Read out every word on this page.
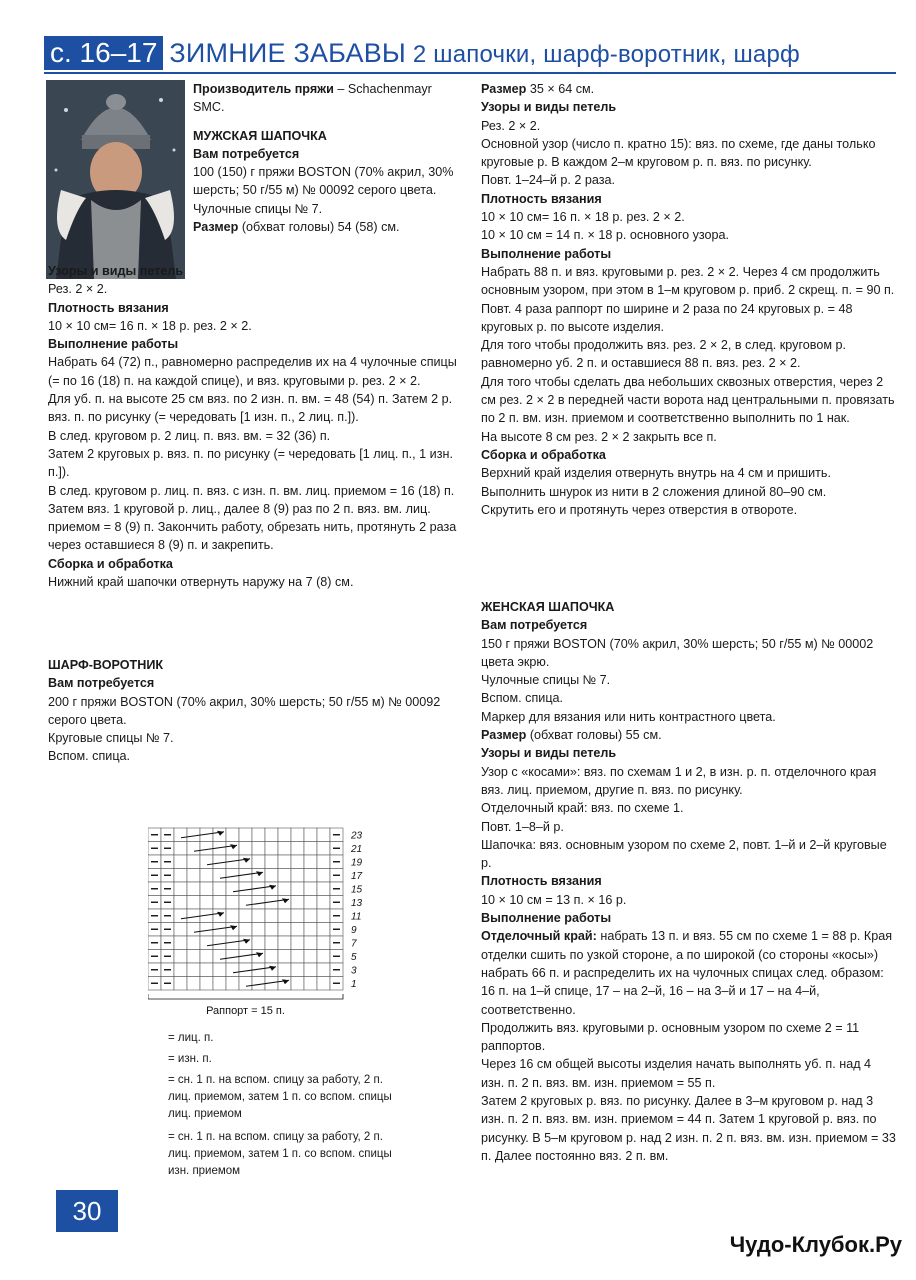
с. 16–17 ЗИМНИЕ ЗАБАВЫ 2 шапочки, шарф-воротник, шарф

Производитель пряжи – Schachenmayr SMC.

МУЖСКАЯ ШАПОЧКА

Вам потребуется

100 (150) г пряжи BOSTON (70% акрил, 30% шерсть; 50 г/55 м) № 00092 серого цвета.

Чулочные спицы № 7.

Размер (обхват головы) 54 (58) см.

Узоры и виды петель

Рез. 2 × 2.

Плотность вязания

10 × 10 см= 16 п. × 18 р. рез. 2 × 2.

Выполнение работы

Набрать 64 (72) п., равномерно распределив их на 4 чулочные спицы (= по 16 (18) п. на каждой спице), и вяз. круговыми р. рез. 2 × 2.

Для уб. п. на высоте 25 см вяз. по 2 изн. п. вм. = 48 (54) п. Затем 2 р. вяз. п. по рисунку (= чередовать [1 изн. п., 2 лиц. п.]).

В след. круговом р. 2 лиц. п. вяз. вм. = 32 (36) п.

Затем 2 круговых р. вяз. п. по рисунку (= чередовать [1 лиц. п., 1 изн. п.]).

В след. круговом р. лиц. п. вяз. с изн. п. вм. лиц. приемом = 16 (18) п. Затем вяз. 1 круговой р. лиц., далее 8 (9) раз по 2 п. вяз. вм. лиц. приемом = 8 (9) п. Закончить работу, обрезать нить, протянуть 2 раза через оставшиеся 8 (9) п. и закрепить.

Сборка и обработка

Нижний край шапочки отвернуть наружу на 7 (8) см.

ШАРФ-ВОРОТНИК

Вам потребуется

200 г пряжи BOSTON (70% акрил, 30% шерсть; 50 г/55 м) № 00092 серого цвета.

Круговые спицы № 7.

Вспом. спица.

23
21
19
17
15
13
11
9
7
5
3
1
Раппорт = 15 п.

= лиц. п.

= изн. п.

= сн. 1 п. на вспом. спицу за работу, 2 п. лиц. приемом, затем 1 п. со вспом. спицы лиц. приемом

= сн. 1 п. на вспом. спицу за работу, 2 п. лиц. приемом, затем 1 п. со вспом. спицы изн. приемом

Размер 35 × 64 см.

Узоры и виды петель

Рез. 2 × 2.

Основной узор (число п. кратно 15): вяз. по схеме, где даны только круговые р. В каждом 2–м круговом р. п. вяз. по рисунку.

Повт. 1–24–й р. 2 раза.

Плотность вязания

10 × 10 см= 16 п. × 18 р. рез. 2 × 2.

10 × 10 см = 14 п. × 18 р. основного узора.

Выполнение работы

Набрать 88 п. и вяз. круговыми р. рез. 2 × 2. Через 4 см продолжить основным узором, при этом в 1–м круговом р. приб. 2 скрещ. п. = 90 п.

Повт. 4 раза раппорт по ширине и 2 раза по 24 круговых р. = 48 круговых р. по высоте изделия.

Для того чтобы продолжить вяз. рез. 2 × 2, в след. круговом р. равномерно уб. 2 п. и оставшиеся 88 п. вяз. рез. 2 × 2.

Для того чтобы сделать два небольших сквозных отверстия, через 2 см рез. 2 × 2 в передней части ворота над центральными п. провязать по 2 п. вм. изн. приемом и соответственно выполнить по 1 нак.

На высоте 8 см рез. 2 × 2 закрыть все п.

Сборка и обработка

Верхний край изделия отвернуть внутрь на 4 см и пришить.

Выполнить шнурок из нити в 2 сложения длиной 80–90 см.

Скрутить его и протянуть через отверстия в отвороте.

ЖЕНСКАЯ ШАПОЧКА

Вам потребуется

150 г пряжи BOSTON (70% акрил, 30% шерсть; 50 г/55 м) № 00002 цвета экрю.

Чулочные спицы № 7.

Вспом. спица.

Маркер для вязания или нить контрастного цвета.

Размер (обхват головы) 55 см.

Узоры и виды петель

Узор с «косами»: вяз. по схемам 1 и 2, в изн. р. п. отделочного края вяз. лиц. приемом, другие п. вяз. по рисунку.

Отделочный край: вяз. по схеме 1.

Повт. 1–8–й р.

Шапочка: вяз. основным узором по схеме 2, повт. 1–й и 2–й круговые р.

Плотность вязания

10 × 10 см = 13 п. × 16 р.

Выполнение работы

Отделочный край: набрать 13 п. и вяз. 55 см по схеме 1 = 88 р. Края отделки сшить по узкой стороне, а по широкой (со стороны «косы») набрать 66 п. и распределить их на чулочных спицах след. образом: 16 п. на 1–й спице, 17 – на 2–й, 16 – на 3–й и 17 – на 4–й, соответственно.

Продолжить вяз. круговыми р. основным узором по схеме 2 = 11 раппортов.

Через 16 см общей высоты изделия начать выполнять уб. п. над 4 изн. п. 2 п. вяз. вм. изн. приемом = 55 п.

Затем 2 круговых р. вяз. по рисунку. Далее в 3–м круговом р. над 3 изн. п. 2 п. вяз. вм. изн. приемом = 44 п. Затем 1 круговой р. вяз. по рисунку. В 5–м круговом р. над 2 изн. п. 2 п. вяз. вм. изн. приемом = 33 п. Далее постоянно вяз. 2 п. вм.

30
Чудо-Клубок.Ру
